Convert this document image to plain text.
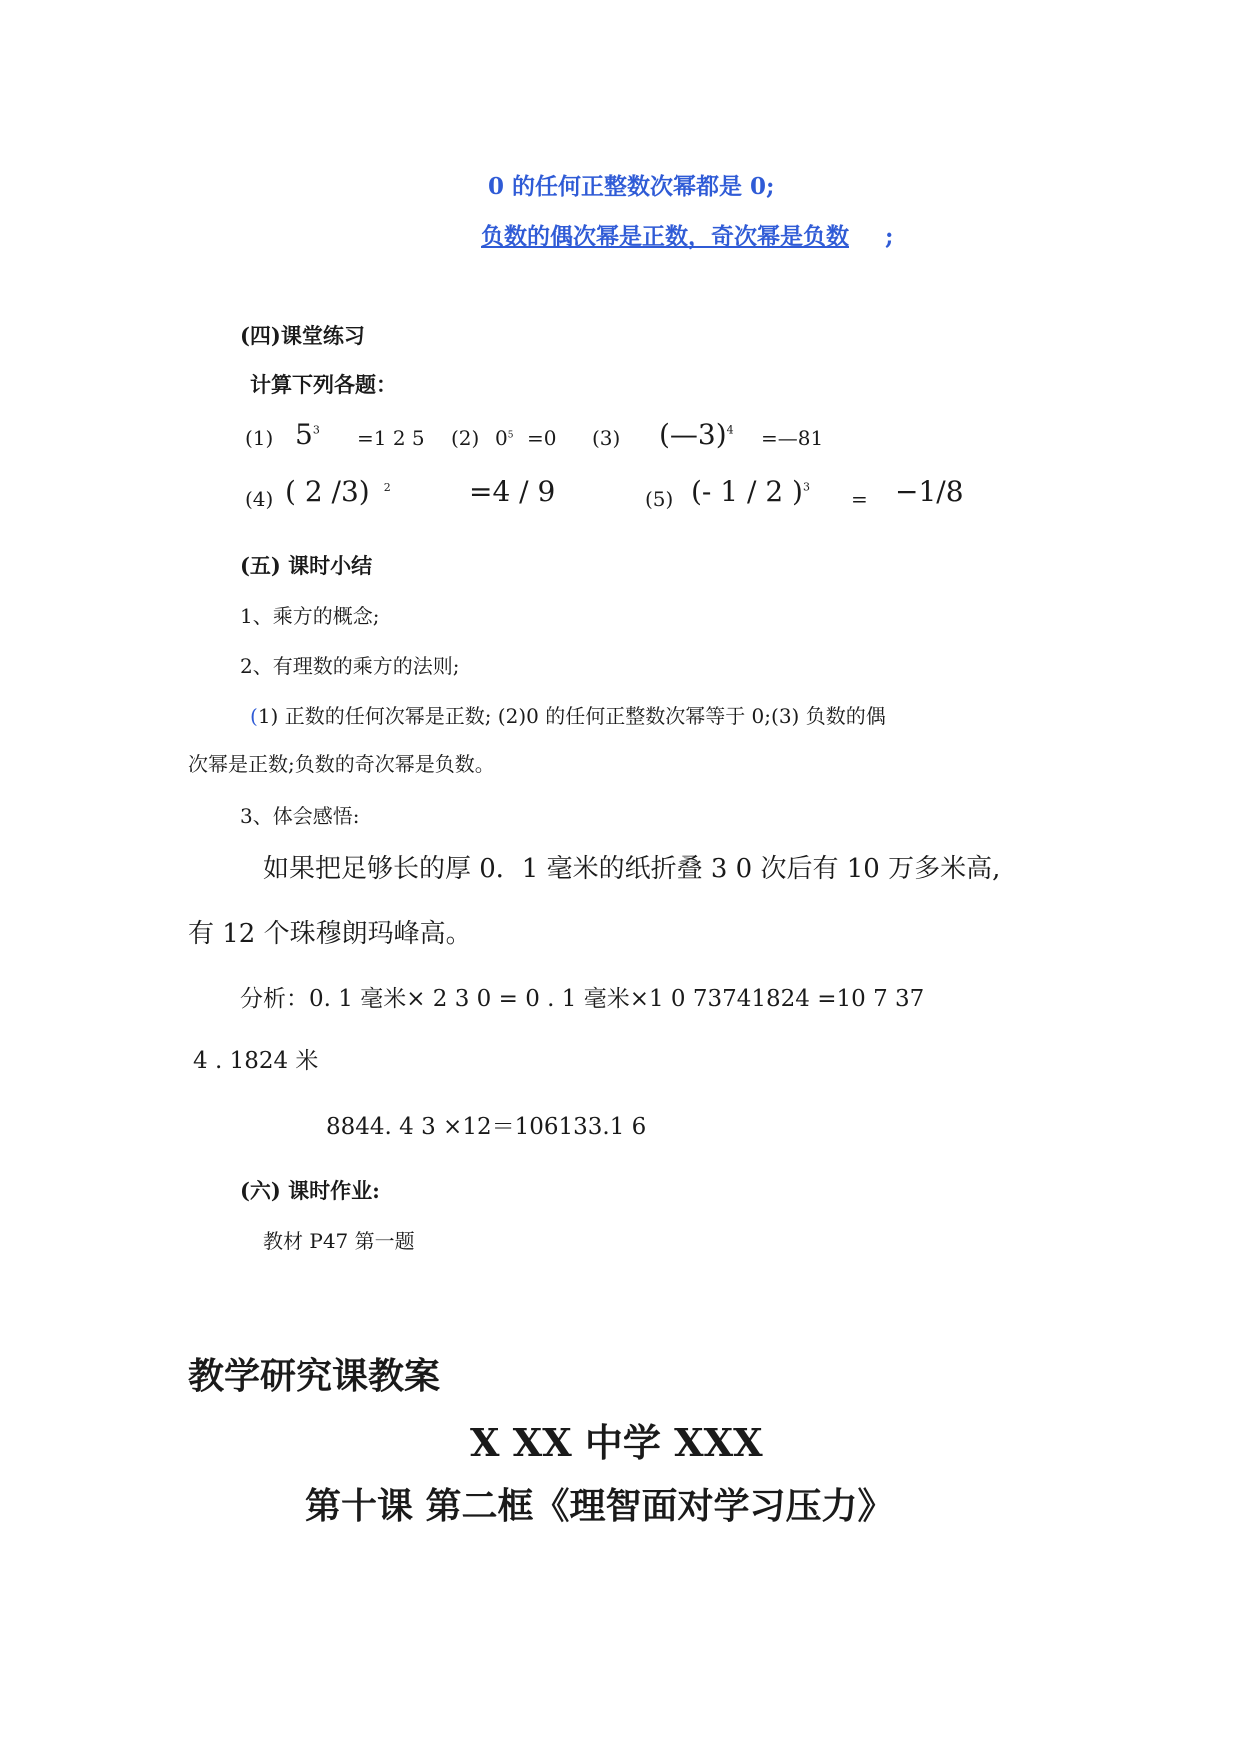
0 的任何正整数次幂都是 0;
负数的偶次幂是正数，奇次幂是负数 ;
(四)课堂练习
计算下列各题：
(1) $5^3 =1$ 2 5 (2) $0^5 =0$ (3) (—3)$^4$ =—81
(4) ( 2 /3) $^2$	=4 / 9	(5) (- 1 / 2 )$^3$ = −1/8
(五) 课时小结
1、乘方的概念;
2、有理数的乘方的法则;
(1) 正数的任何次幂是正数; (2)0 的任何正整数次幂等于 0;(3) 负数的偶
次幂是正数;负数的奇次幂是负数。
3、体会感悟:
如果把足够长的厚 0．1 毫米的纸折叠 3 0 次后有 10 万多米高,
有 12 个珠穆朗玛峰高。
分析：0. 1 毫米× 2 3 0 = 0 . 1 毫米×1 0 73741824 =10 7 37
4 . 1824 米
8844. 4 3 ×12＝106133.1 6
(六) 课时作业:
教材 P47 第一题
教学研究课教案
X XX 中学 XXX
第十课 第二框《理智面对学习压力》
